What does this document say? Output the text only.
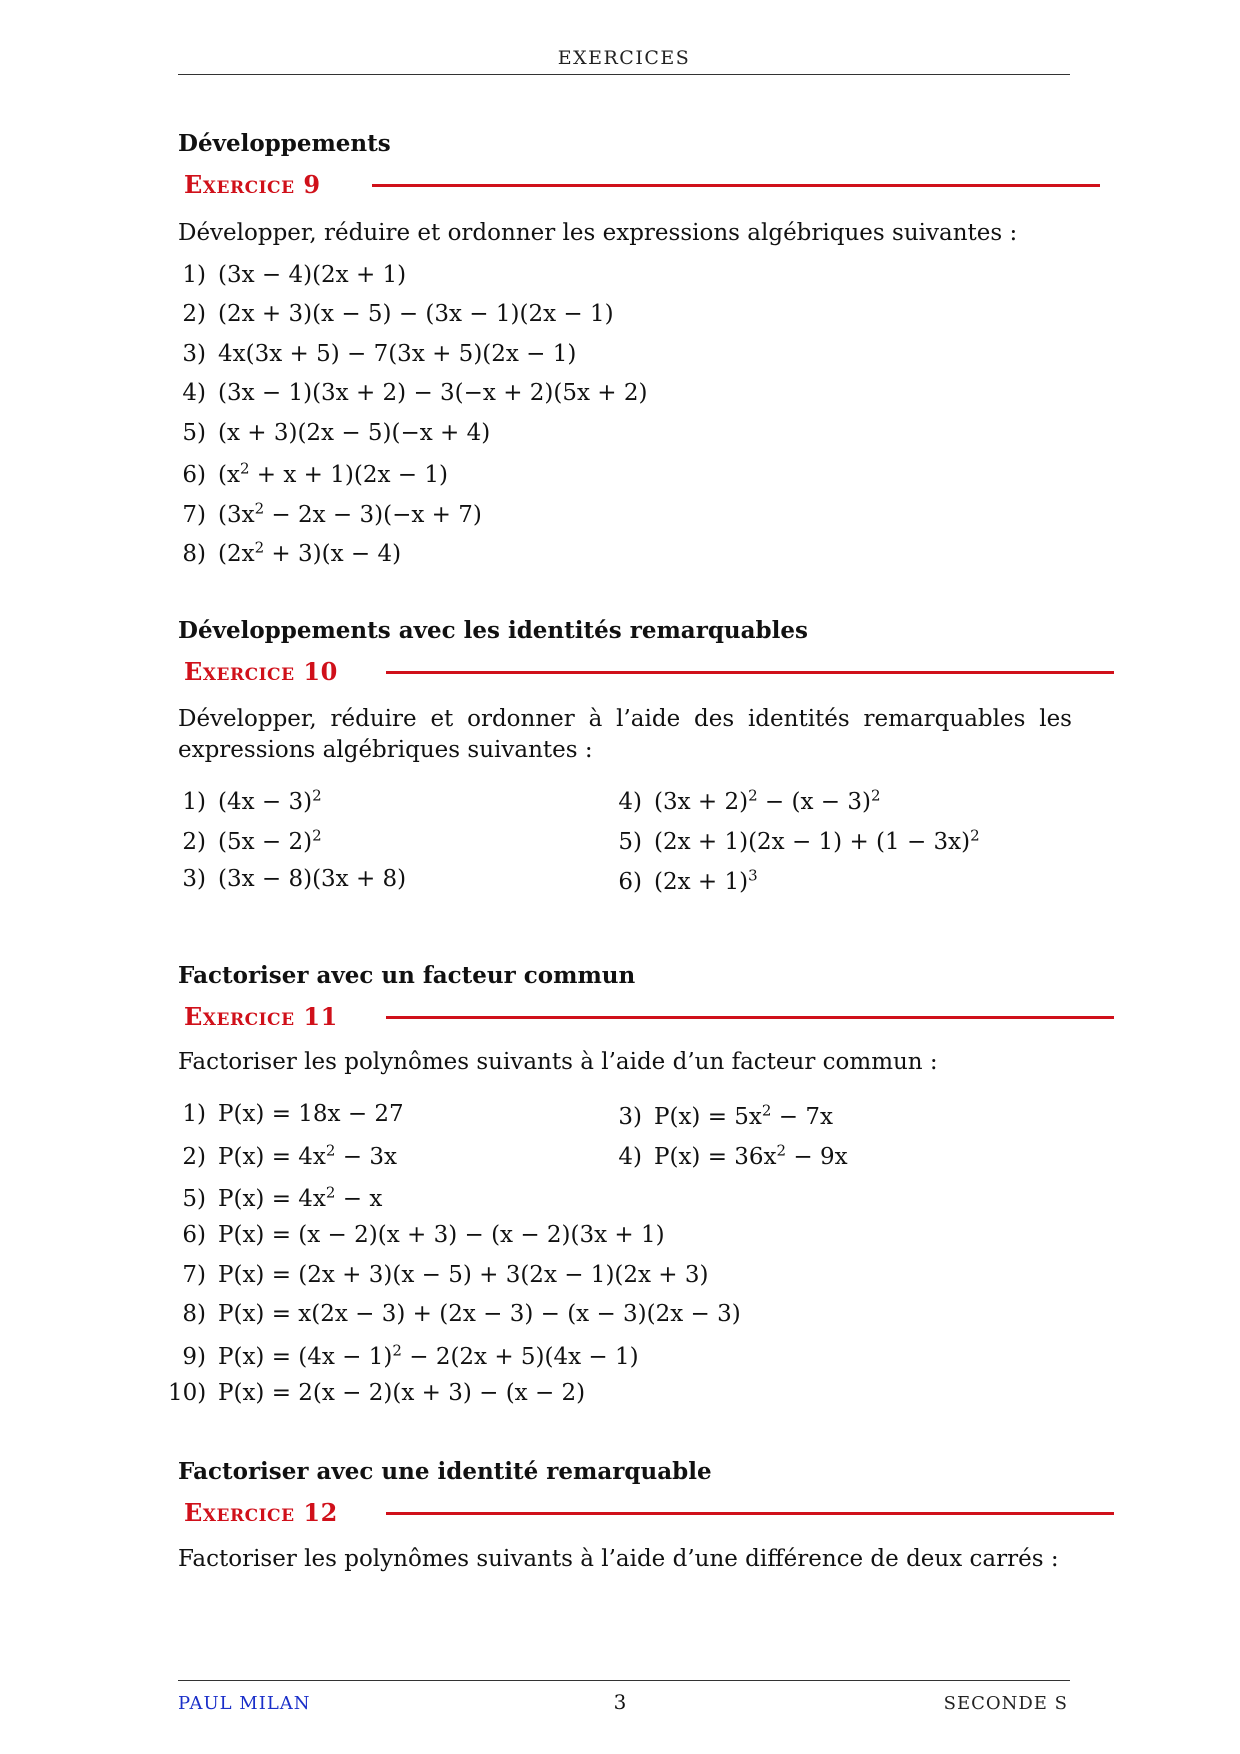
EXERCICES
Développements
Exercice 9
Développer, réduire et ordonner les expressions algébriques suivantes :
1) (3x − 4)(2x + 1)
2) (2x + 3)(x − 5) − (3x − 1)(2x − 1)
3) 4x(3x + 5) − 7(3x + 5)(2x − 1)
4) (3x − 1)(3x + 2) − 3(−x + 2)(5x + 2)
5) (x + 3)(2x − 5)(−x + 4)
6) $(x^2 + x + 1)(2x - 1)$
7) $(3x^2 - 2x - 3)(-x + 7)$
8) $(2x^2 + 3)(x - 4)$
Développements avec les identités remarquables
Exercice 10
Développer, réduire et ordonner à l’aide des identités remarquables les expressions algébriques suivantes :
1) $(4x - 3)^2$
2) $(5x - 2)^2$
3) (3x − 8)(3x + 8)
4) $(3x + 2)^2 - (x - 3)^2$
5) $(2x + 1)(2x - 1) + (1 - 3x)^2$
6) $(2x + 1)^3$
Factoriser avec un facteur commun
Exercice 11
Factoriser les polynômes suivants à l’aide d’un facteur commun :
1) P(x) = 18x − 27
2) $P(x) = 4x^2 - 3x$
3) $P(x) = 5x^2 - 7x$
4) $P(x) = 36x^2 - 9x$
5) $P(x) = 4x^2 - x$
6) P(x) = (x − 2)(x + 3) − (x − 2)(3x + 1)
7) P(x) = (2x + 3)(x − 5) + 3(2x − 1)(2x + 3)
8) P(x) = x(2x − 3) + (2x − 3) − (x − 3)(2x − 3)
9) $P(x) = (4x - 1)^2 - 2(2x + 5)(4x - 1)$
10) P(x) = 2(x − 2)(x + 3) − (x − 2)
Factoriser avec une identité remarquable
Exercice 12
Factoriser les polynômes suivants à l’aide d’une différence de deux carrés :
PAUL MILAN	3	SECONDE S
